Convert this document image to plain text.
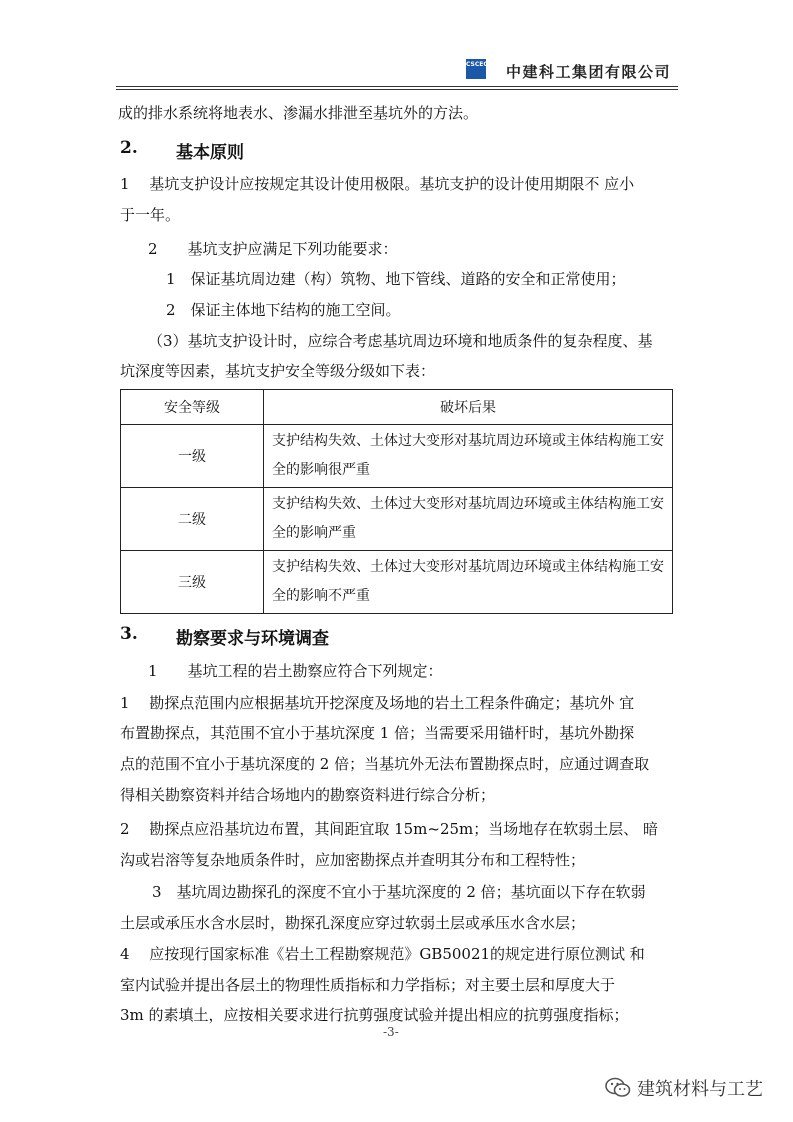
CSCEC 中建科工集团有限公司
成的排水系统将地表水、渗漏水排泄至基坑外的方法。
2. 基本原则
1　 基坑支护设计应按规定其设计使用极限。基坑支护的设计使用期限不 应小
于一年。
2　　基坑支护应满足下列功能要求：
1　保证基坑周边建（构）筑物、地下管线、道路的安全和正常使用；
2　保证主体地下结构的施工空间。
（3）基坑支护设计时，应综合考虑基坑周边环境和地质条件的复杂程度、基
坑深度等因素，基坑支护安全等级分级如下表：
安全等级	破坏后果
一级	支护结构失效、土体过大变形对基坑周边环境或主体结构施工安全的影响很严重
二级	支护结构失效、土体过大变形对基坑周边环境或主体结构施工安全的影响严重
三级	支护结构失效、土体过大变形对基坑周边环境或主体结构施工安全的影响不严重
3. 勘察要求与环境调查
1　　基坑工程的岩土勘察应符合下列规定：
1　 勘探点范围内应根据基坑开挖深度及场地的岩土工程条件确定；基坑外 宜
布置勘探点，其范围不宜小于基坑深度 1 倍；当需要采用锚杆时，基坑外勘探
点的范围不宜小于基坑深度的 2 倍；当基坑外无法布置勘探点时，应通过调查取
得相关勘察资料并结合场地内的勘察资料进行综合分析；
2　 勘探点应沿基坑边布置，其间距宜取 15m~25m；当场地存在软弱土层、 暗
沟或岩溶等复杂地质条件时，应加密勘探点并查明其分布和工程特性；
3　基坑周边勘探孔的深度不宜小于基坑深度的 2 倍；基坑面以下存在软弱
土层或承压水含水层时，勘探孔深度应穿过软弱土层或承压水含水层；
4　 应按现行国家标准《岩土工程勘察规范》GB50021的规定进行原位测试 和
室内试验并提出各层土的物理性质指标和力学指标；对主要土层和厚度大于
3m 的素填土，应按相关要求进行抗剪强度试验并提出相应的抗剪强度指标；
-3-
建筑材料与工艺
